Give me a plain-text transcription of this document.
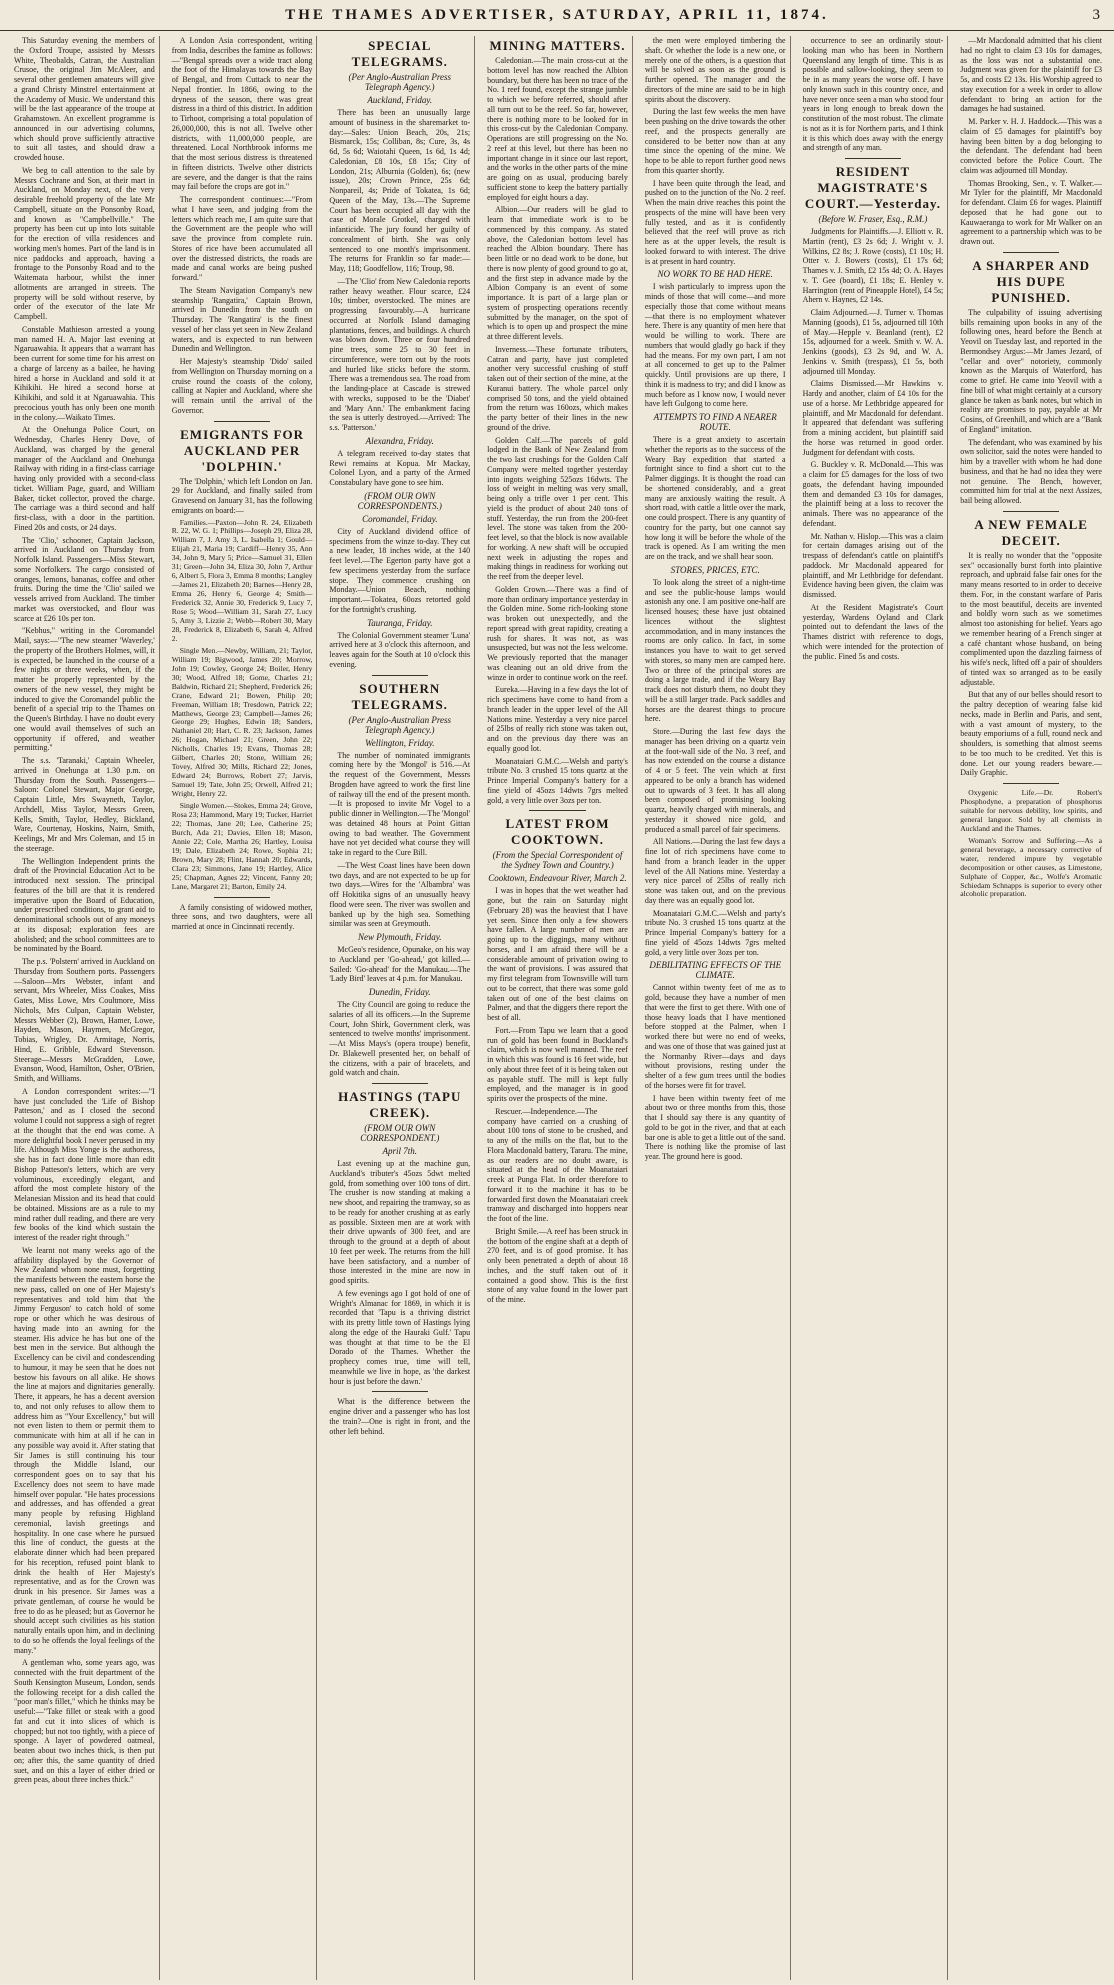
THE THAMES ADVERTISER, SATURDAY, APRIL 11, 1874.	3

This Saturday evening the members of the Oxford Troupe, assisted by Messrs White, Theobalds, Catran, the Australian Crusoe, the original Jim McAleer, and several other gentlemen amateurs will give a grand Christy Minstrel entertainment at the Academy of Music. We understand this will be the last appearance of the troupe at Grahamstown. An excellent programme is announced in our advertising columns, which should prove sufficiently attractive to suit all tastes, and should draw a crowded house.

We beg to call attention to the sale by Messrs Cochrane and Son, at their mart in Auckland, on Monday next, of the very desirable freehold property of the late Mr Campbell, situate on the Ponsonby Road, and known as "Campbellville." The property has been cut up into lots suitable for the erection of villa residences and working men's homes. Part of the land is in nice paddocks and approach, having a frontage to the Ponsonby Road and to the Waitemata harbour, whilst the inner allotments are arranged in streets. The property will be sold without reserve, by order of the executor of the late Mr Campbell.

Constable Mathieson arrested a young man named H. A. Major last evening at Ngaruawahia. It appears that a warrant has been current for some time for his arrest on a charge of larceny as a bailee, he having hired a horse in Auckland and sold it at Kihikihi. He hired a second horse at Kihikihi, and sold it at Ngaruawahia. This precocious youth has only been one month in the colony.—Waikato Times.

At the Onehunga Police Court, on Wednesday, Charles Henry Dove, of Auckland, was charged by the general manager of the Auckland and Onehunga Railway with riding in a first-class carriage having only provided with a second-class ticket. William Page, guard, and William Baker, ticket collector, proved the charge. The carriage was a third second and half first-class, with a door in the partition. Fined 20s and costs, or 24 days.

The 'Clio,' schooner, Captain Jackson, arrived in Auckland on Thursday from Norfolk Island. Passengers—Miss Stewart, some Norfolkers. The cargo consisted of oranges, lemons, bananas, coffee and other fruits. During the time the 'Clio' sailed we vessels arrived from Auckland. The timber market was overstocked, and flour was scarce at £26 10s per ton.

"Kebhus," writing in the Coromandel Mail, says:—"The new steamer 'Waverley,' the property of the Brothers Holmes, will, it is expected, be launched in the course of a few nights or three weeks, when, if the matter be properly represented by the owners of the new vessel, they might be induced to give the Coromandel public the benefit of a special trip to the Thames on the Queen's Birthday. I have no doubt every one would avail themselves of such an opportunity if offered, and weather permitting."

The s.s. 'Taranaki,' Captain Wheeler, arrived in Onehunga at 1.30 p.m. on Thursday from the South. Passengers—Saloon: Colonel Stewart, Major George, Captain Little, Mrs Swayneth, Taylor, Archdell, Miss Taylor, Messrs Green, Kells, Smith, Taylor, Hedley, Bickland, Ware, Courtenay, Hoskins, Nairn, Smith, Keelings, Mr and Mrs Coleman, and 15 in the steerage.

The Wellington Independent prints the draft of the Provincial Education Act to be introduced next session. The principal features of the bill are that it is rendered imperative upon the Board of Education, under prescribed conditions, to grant aid to denominational schools out of any moneys at its disposal; exploration fees are abolished; and the school committees are to be nominated by the Board.

The p.s. 'Polstern' arrived in Auckland on Thursday from Southern ports. Passengers—Saloon—Mrs Webster, infant and servant, Mrs Wheeler, Miss Coakes, Miss Gates, Miss Lowe, Mrs Coultmore, Miss Nichols, Mrs Culpan, Captain Webster, Messrs Webber (2), Brown, Hamer, Lowe, Hayden, Mason, Haymen, McGregor, Tobias, Wrigley, Dr. Armitage, Norris, Hind, E. Gribble, Edward Stevenson. Steerage—Messrs McGradden, Lowe, Evanson, Wood, Hamilton, Osher, O'Brien, Smith, and Williams.

A London correspondent writes:—"I have just concluded the 'Life of Bishop Patteson,' and as I closed the second volume I could not suppress a sigh of regret at the thought that the end was come. A more delightful book I never perused in my life. Although Miss Yonge is the authoress, she has in fact done little more than edit Bishop Patteson's letters, which are very voluminous, exceedingly elegant, and afford the most complete history of the Melanesian Mission and its head that could be obtained. Missions are as a rule to my mind rather dull reading, and there are very few books of the kind which sustain the interest of the reader right through."

We learnt not many weeks ago of the affability displayed by the Governor of New Zealand whom none must, forgetting the manifests between the eastern horse the new pass, called on one of Her Majesty's representatives and told him that 'the Jimmy Ferguson' to catch hold of some rope or other which he was desirous of having made into an awning for the steamer. His advice he has but one of the best men in the service. But although the Excellency can be civil and condescending to humour, it may be seen that he does not bestow his favours on all alike. He shows the line at majors and dignitaries generally. There, it appears, he has a decent aversion to, and not only refuses to allow them to address him as "Your Excellency," but will not even listen to them or permit them to communicate with him at all if he can in any possible way avoid it. After stating that Sir James is still continuing his tour through the Middle Island, our correspondent goes on to say that his Excellency does not seem to have made himself over popular. "He hates processions and addresses, and has offended a great many people by refusing Highland ceremonial, lavish greetings and hospitality. In one case where he pursued this line of conduct, the guests at the elaborate dinner which had been prepared for his reception, refused point blank to drink the health of Her Majesty's representative, and as for the Crown was drunk in his presence. Sir James was a private gentleman, of course he would be free to do as he pleased; but as Governor he should accept such civilities as his station naturally entails upon him, and in declining to do so he offends the loyal feelings of the many."

A gentleman who, some years ago, was connected with the fruit department of the South Kensington Museum, London, sends the following receipt for a dish called the "poor man's fillet," which he thinks may be useful:—"Take fillet or steak with a good fat and cut it into slices of which is chopped; but not too tightly, with a piece of sponge. A layer of powdered oatmeal, beaten about two inches thick, is then put on; after this, the same quantity of dried suet, and on this a layer of either dried or green peas, about three inches thick."

A London Asia correspondent, writing from India, describes the famine as follows:—"Bengal spreads over a wide tract along the foot of the Himalayas towards the Bay of Bengal, and from Cuttack to near the Nepal frontier. In 1866, owing to the dryness of the season, there was great distress in a third of this district. In addition to Tirhoot, comprising a total population of 26,000,000, this is not all. Twelve other districts, with 11,000,000 people, are threatened. Local Northbrook informs me that the most serious distress is threatened in fifteen districts. Twelve other districts are severe, and the danger is that the rains may fail before the crops are got in."

The correspondent continues:—"From what I have seen, and judging from the letters which reach me, I am quite sure that the Government are the people who will save the province from complete ruin. Stores of rice have been accumulated all over the distressed districts, the roads are made and canal works are being pushed forward."

The Steam Navigation Company's new steamship 'Rangatira,' Captain Brown, arrived in Dunedin from the south on Thursday. The 'Rangatira' is the finest vessel of her class yet seen in New Zealand waters, and is expected to run between Dunedin and Wellington.

Her Majesty's steamship 'Dido' sailed from Wellington on Thursday morning on a cruise round the coasts of the colony, calling at Napier and Auckland, where she will remain until the arrival of the Governor.

EMIGRANTS FOR AUCKLAND PER 'DOLPHIN.'

The 'Dolphin,' which left London on Jan. 29 for Auckland, and finally sailed from Gravesend on January 31, has the following emigrants on board:—

Families.—Paxton—John R. 24, Elizabeth R. 22, W. G. 1; Phillips—Joseph 29, Eliza 28, William 7, J. Amy 3, L. Isabella 1; Gould—Elijah 21, Maria 19; Cardiff—Henry 35, Ann 34, John 9, Mary 5; Price—Samuel 31, Ellen 31; Green—John 34, Eliza 30, John 7, Arthur 6, Albert 5, Flora 3, Emma 8 months; Langley—James 21, Elizabeth 20; Barnes—Henry 28, Emma 26, Henry 6, George 4; Smith—Frederick 32, Annie 30, Frederick 9, Lucy 7, Rose 5; Wood—William 31, Sarah 27, Lucy 5, Amy 3, Lizzie 2; Webb—Robert 30, Mary 28, Frederick 8, Elizabeth 6, Sarah 4, Alfred 2.

Single Men.—Newby, William, 21; Taylor, William 19; Bigwood, James 20; Morrow, John 19; Cowley, George 24; Boiler, Henry 30; Wood, Alfred 18; Gome, Charles 21; Baldwin, Richard 21; Shepherd, Frederick 26; Crane, Edward 21; Bowen, Philip 20; Freeman, William 18; Tresdown, Patrick 22; Matthews, George 23; Campbell—James 26; George 29; Hughes, Edwin 18; Sanders, Nathaniel 20; Hart, C. R. 23; Jackson, James 26; Hogan, Michael 21; Green, John 22; Nicholls, Charles 19; Evans, Thomas 28; Gilbert, Charles 20; Stone, William 26; Tovey, Alfred 30; Mills, Richard 22; Jones, Edward 24; Burrows, Robert 27; Jarvis, Samuel 19; Tate, John 25; Orwell, Alfred 21; Wright, Henry 22.

Single Women.—Stokes, Emma 24; Grove, Rosa 23; Hammond, Mary 19; Tucker, Harriet 22; Thomas, Jane 20; Lee, Catherine 25; Burch, Ada 21; Davies, Ellen 18; Mason, Annie 22; Cole, Martha 26; Hartley, Louisa 19; Dale, Elizabeth 24; Rowe, Sophia 21; Brown, Mary 28; Flint, Hannah 20; Edwards, Clara 23; Simmons, Jane 19; Hartley, Alice 25; Chapman, Agnes 22; Vincent, Fanny 20; Lane, Margaret 21; Barton, Emily 24.

A family consisting of widowed mother, three sons, and two daughters, were all married at once in Cincinnati recently.

SPECIAL TELEGRAMS.
(Per Anglo-Australian Press Telegraph Agency.)
Auckland, Friday.

There has been an unusually large amount of business in the sharemarket to-day:—Sales: Union Beach, 20s, 21s; Bismarck, 15s; Colliban, 8s; Cure, 3s, 4s 6d, 5s 6d; Waiotahi Queen, 1s 6d, 1s 4d; Caledonian, £8 10s, £8 15s; City of London, 21s; Alburnia (Golden), 6s; (new issue), 20s; Crown Prince, 25s 6d; Nonpareil, 4s; Pride of Tokatea, 1s 6d; Queen of the May, 13s.—The Supreme Court has been occupied all day with the case of Morale Grotkel, charged with infanticide. The jury found her guilty of concealment of birth. She was only sentenced to one month's imprisonment. The returns for Franklin so far made:—May, 118; Goodfellow, 116; Troup, 98.

—The 'Clio' from New Caledonia reports rather heavy weather. Flour scarce, £24 10s; timber, overstocked. The mines are progressing favourably.—A hurricane occurred at Norfolk Island damaging plantations, fences, and buildings. A church was blown down. Three or four hundred pine trees, some 25 to 30 feet in circumference, were torn out by the roots and hurled like sticks before the storm. There was a tremendous sea. The road from the landing-place at Cascade is strewed with wrecks, supposed to be the 'Diabet' and 'Mary Ann.' The embankment facing the sea is utterly destroyed.—Arrived: The s.s. 'Patterson.'

Alexandra, Friday.

A telegram received to-day states that Rewi remains at Kopua. Mr Mackay, Colonel Lyon, and a party of the Armed Constabulary have gone to see him.

(FROM OUR OWN CORRESPONDENTS.)
Coromandel, Friday.

City of Auckland dividend office of specimens from the winze to-day. They cut a new leader, 18 inches wide, at the 140 feet level.—The Egerton party have got a few specimens yesterday from the surface stope. They commence crushing on Monday.—Union Beach, nothing important.—Tokatea, 60ozs retorted gold for the fortnight's crushing.

Tauranga, Friday.

The Colonial Government steamer 'Luna' arrived here at 3 o'clock this afternoon, and leaves again for the South at 10 o'clock this evening.

SOUTHERN TELEGRAMS.
(Per Anglo-Australian Press Telegraph Agency.)
Wellington, Friday.

The number of nominated immigrants coming here by the 'Mongol' is 516.—At the request of the Government, Messrs Brogden have agreed to work the first line of railway till the end of the present month.—It is proposed to invite Mr Vogel to a public dinner in Wellington.—The 'Mongol' was detained 48 hours at Point Gittan owing to bad weather. The Government have not yet decided what course they will take in regard to the Cure Bill.

—The West Coast lines have been down two days, and are not expected to be up for two days.—Wires for the 'Albambra' was off Hokitika signs of an unusually heavy flood were seen. The river was swollen and banked up by the high sea. Something similar was seen at Greymouth.

New Plymouth, Friday.

McGeo's residence, Opunake, on his way to Auckland per 'Go-ahead,' got killed.—Sailed: 'Go-ahead' for the Manukau.—The 'Lady Bird' leaves at 4 p.m. for Manukau.

Dunedin, Friday.

The City Council are going to reduce the salaries of all its officers.—In the Supreme Court, John Shirk, Government clerk, was sentenced to twelve months' imprisonment.—At Miss Mays's (opera troupe) benefit, Dr. Blakewell presented her, on behalf of the citizens, with a pair of bracelets, and gold watch and chain.

HASTINGS (TAPU CREEK).
(FROM OUR OWN CORRESPONDENT.)
April 7th.

Last evening up at the machine gun, Auckland's tributer's 45ozs 5dwt melted gold, from something over 100 tons of dirt. The crusher is now standing at making a new shoot, and repairing the tramway, so as to be ready for another crushing at as early as possible. Sixteen men are at work with their drive upwards of 300 feet, and are through to the ground at a depth of about 10 feet per week. The returns from the hill have been satisfactory, and a number of those interested in the mine are now in good spirits.

A few evenings ago I got hold of one of Wright's Almanac for 1869, in which it is recorded that 'Tapu is a thriving district with its pretty little town of Hastings lying along the edge of the Hauraki Gulf.' Tapu was thought at that time to be the El Dorado of the Thames. Whether the prophecy comes true, time will tell, meanwhile we live in hope, as 'the darkest hour is just before the dawn.'

What is the difference between the engine driver and a passenger who has lost the train?—One is right in front, and the other left behind.

MINING MATTERS.

Caledonian.—The main cross-cut at the bottom level has now reached the Albion boundary, but there has been no trace of the No. 1 reef found, except the strange jumble to which we before referred, should after all turn out to be the reef. So far, however, there is nothing more to be looked for in this cross-cut by the Caledonian Company. Operations are still progressing on the No. 2 reef at this level, but there has been no important change in it since our last report, and the works in the other parts of the mine are going on as usual, producing barely sufficient stone to keep the battery partially employed for eight hours a day.

Albion.—Our readers will be glad to learn that immediate work is to be commenced by this company. As stated above, the Caledonian bottom level has reached the Albion boundary. There has been little or no dead work to be done, but there is now plenty of good ground to go at, and the first step in advance made by the Albion Company is an event of some importance. It is part of a large plan or system of prospecting operations recently submitted by the manager, on the spot of which is to open up and prospect the mine at three different levels.

Inverness.—These fortunate tributers, Catran and party, have just completed another very successful crushing of stuff taken out of their section of the mine, at the Kuranui battery. The whole parcel only comprised 50 tons, and the yield obtained from the return was 160ozs, which makes the party better of their lines in the new ground of the drive.

Golden Calf.—The parcels of gold lodged in the Bank of New Zealand from the two last crushings for the Golden Calf Company were melted together yesterday into ingots weighing 525ozs 16dwts. The loss of weight in melting was very small, being only a trifle over 1 per cent. This yield is the product of about 240 tons of stuff. Yesterday, the run from the 200-feet level. The stone was taken from the 200-feet level, so that the block is now available for working. A new shaft will be occupied next week in adjusting the ropes and making things in readiness for working out the reef from the deeper level.

Golden Crown.—There was a find of more than ordinary importance yesterday in the Golden mine. Some rich-looking stone was broken out unexpectedly, and the report spread with great rapidity, creating a rush for shares. It was not, as was unsuspected, but was not the less welcome. We previously reported that the manager was cleaning out an old drive from the winze in order to continue work on the reef.

Eureka.—Having in a few days the lot of rich specimens have come to hand from a branch leader in the upper level of the All Nations mine. Yesterday a very nice parcel of 25lbs of really rich stone was taken out, and on the previous day there was an equally good lot.

Moanataiari G.M.C.—Welsh and party's tribute No. 3 crushed 15 tons quartz at the Prince Imperial Company's battery for a fine yield of 45ozs 14dwts 7grs melted gold, a very little over 3ozs per ton.

LATEST FROM COOKTOWN.
(From the Special Correspondent of the Sydney Town and Country.)
Cooktown, Endeavour River, March 2.

I was in hopes that the wet weather had gone, but the rain on Saturday night (February 28) was the heaviest that I have yet seen. Since then only a few showers have fallen. A large number of men are going up to the diggings, many without horses, and I am afraid there will be a considerable amount of privation owing to the want of provisions. I was assured that my first telegram from Townsville will turn out to be correct, that there was some gold taken out of one of the best claims on Palmer, and that the diggers there report the best of all.

Fort.—From Tapu we learn that a good run of gold has been found in Buckland's claim, which is now well manned. The reef in which this was found is 16 feet wide, but only about three feet of it is being taken out as payable stuff. The mill is kept fully employed, and the manager is in good spirits over the prospects of the mine.

Rescuer.—Independence.—The company have carried on a crushing of about 100 tons of stone to be crushed, and to any of the mills on the flat, but to the Flora Macdonald battery, Tararu. The mine, as our readers are no doubt aware, is situated at the head of the Moanataiari creek at Punga Flat. In order therefore to forward it to the machine it has to be forwarded first down the Moanataiari creek tramway and discharged into hoppers near the foot of the line.

Bright Smile.—A reef has been struck in the bottom of the engine shaft at a depth of 270 feet, and is of good promise. It has only been penetrated a depth of about 18 inches, and the stuff taken out of it contained a good show. This is the first stone of any value found in the lower part of the mine.

the men were employed timbering the shaft. Or whether the lode is a new one, or merely one of the others, is a question that will be solved as soon as the ground is further opened. The manager and the directors of the mine are said to be in high spirits about the discovery.

During the last few weeks the men have been pushing on the drive towards the other reef, and the prospects generally are considered to be better now than at any time since the opening of the mine. We hope to be able to report further good news from this quarter shortly.

I have been quite through the lead, and pushed on to the junction of the No. 2 reef. When the main drive reaches this point the prospects of the mine will have been very fully tested, and as it is confidently believed that the reef will prove as rich here as at the upper levels, the result is looked forward to with interest. The drive is at present in hard country.

NO WORK TO BE HAD HERE.

I wish particularly to impress upon the minds of those that will come—and more especially those that come without means—that there is no employment whatever here. There is any quantity of men here that would be willing to work. There are numbers that would gladly go back if they had the means. For my own part, I am not at all concerned to get up to the Palmer quickly. Until provisions are up there, I think it is madness to try; and did I know as much before as I know now, I would never have left Gulgong to come here.

ATTEMPTS TO FIND A NEARER ROUTE.

There is a great anxiety to ascertain whether the reports as to the success of the Weary Bay expedition that started a fortnight since to find a short cut to the Palmer diggings. It is thought the road can be shortened considerably, and a great many are anxiously waiting the result. A short road, with cattle a little over the mark, one could prospect. There is any quantity of country for the party, but one cannot say how long it will be before the whole of the track is opened. As I am writing the men are on the track, and we shall hear soon.

STORES, PRICES, ETC.

To look along the street of a night-time and see the public-house lamps would astonish any one. I am positive one-half are licensed houses; these have just obtained licences without the slightest accommodation, and in many instances the rooms are only calico. In fact, in some instances you have to wait to get served with stores, so many men are camped here. Two or three of the principal stores are doing a large trade, and if the Weary Bay track does not disturb them, no doubt they will be a still larger trade. Pack saddles and horses are the dearest things to procure here.

Store.—During the last few days the manager has been driving on a quartz vein at the foot-wall side of the No. 3 reef, and has now extended on the course a distance of 4 or 5 feet. The vein which at first appeared to be only a branch has widened out to upwards of 3 feet. It has all along been composed of promising looking quartz, heavily charged with minerals, and yesterday it showed nice gold, and produced a small parcel of fair specimens.

All Nations.—During the last few days a fine lot of rich specimens have come to hand from a branch leader in the upper level of the All Nations mine. Yesterday a very nice parcel of 25lbs of really rich stone was taken out, and on the previous day there was an equally good lot.

Moanataiari G.M.C.—Welsh and party's tribute No. 3 crushed 15 tons quartz at the Prince Imperial Company's battery for a fine yield of 45ozs 14dwts 7grs melted gold, a very little over 3ozs per ton.

DEBILITATING EFFECTS OF THE CLIMATE.

Cannot within twenty feet of me as to gold, because they have a number of men that were the first to get there. With one of those heavy loads that I have mentioned before stopped at the Palmer, when I worked there but were no end of weeks, and was one of those that was gained just at the Normanby River—days and days without provisions, resting under the shelter of a few gum trees until the bodies of the horses were fit for travel.

I have been within twenty feet of me about two or three months from this, those that I should say there is any quantity of gold to be got in the river, and that at each bar one is able to get a little out of the sand. There is nothing like the promise of last year. The ground here is good.

occurrence to see an ordinarily stout-looking man who has been in Northern Queensland any length of time. This is as possible and sallow-looking, they seem to be in as many years the worse off. I have only known such in this country once, and have never once seen a man who stood four years in long enough to break down the constitution of the most robust. The climate is not as it is for Northern parts, and I think it is this which does away with the energy and strength of any man.

RESIDENT MAGISTRATE'S COURT.—Yesterday.
(Before W. Fraser, Esq., R.M.)

Judgments for Plaintiffs.—J. Elliott v. R. Martin (rent), £3 2s 6d; J. Wright v. J. Wilkins, £2 8s; J. Rowe (costs), £1 10s; H. Otter v. J. Bowers (costs), £1 17s 6d; Thames v. J. Smith, £2 15s 4d; O. A. Hayes v. T. Gee (board), £1 18s; E. Henley v. Harrington (rent of Pineapple Hotel), £4 5s; Ahern v. Haynes, £2 14s.

Claim Adjourned.—J. Turner v. Thomas Manning (goods), £1 5s, adjourned till 10th of May.—Hepple v. Beanland (rent), £2 15s, adjourned for a week. Smith v. W. A. Jenkins (goods), £3 2s 9d, and W. A. Jenkins v. Smith (trespass), £1 5s, both adjourned till Monday.

Claims Dismissed.—Mr Hawkins v. Hardy and another, claim of £4 10s for the use of a horse. Mr Lethbridge appeared for plaintiff, and Mr Macdonald for defendant. It appeared that defendant was suffering from a mining accident, but plaintiff said the horse was returned in good order. Judgment for defendant with costs.

G. Buckley v. R. McDonald.—This was a claim for £5 damages for the loss of two goats, the defendant having impounded them and demanded £3 10s for damages, the plaintiff being at a loss to recover the animals. There was no appearance of the defendant.

Mr. Nathan v. Hislop.—This was a claim for certain damages arising out of the trespass of defendant's cattle on plaintiff's paddock. Mr Macdonald appeared for plaintiff, and Mr Lethbridge for defendant. Evidence having been given, the claim was dismissed.

At the Resident Magistrate's Court yesterday, Wardens Oyland and Clark pointed out to defendant the laws of the Thames district with reference to dogs, which were intended for the protection of the public. Fined 5s and costs.

—Mr Macdonald admitted that his client had no right to claim £3 10s for damages, as the loss was not a substantial one. Judgment was given for the plaintiff for £3 5s, and costs £2 13s. His Worship agreed to stay execution for a week in order to allow defendant to bring an action for the damages he had sustained.

M. Parker v. H. J. Haddock.—This was a claim of £5 damages for plaintiff's boy having been bitten by a dog belonging to the defendant. The defendant had been convicted before the Police Court. The claim was adjourned till Monday.

Thomas Brooking, Sen., v. T. Walker.—Mr Tyler for the plaintiff, Mr Macdonald for defendant. Claim £6 for wages. Plaintiff deposed that he had gone out to Kauwaeranga to work for Mr Walker on an agreement to a partnership which was to be drawn out.

A SHARPER AND HIS DUPE PUNISHED.

The culpability of issuing advertising bills remaining upon books in any of the following ones, heard before the Bench at Yeovil on Tuesday last, and reported in the Bermondsey Argus:—Mr James Jezard, of "cellar and over" notoriety, commonly known as the Marquis of Waterford, has come to grief. He came into Yeovil with a fine bill of what might certainly at a cursory glance be taken as bank notes, but which in reality are promises to pay, payable at Mr Cosins, of Greenhill, and which are a "Bank of England" imitation.

The defendant, who was examined by his own solicitor, said the notes were handed to him by a traveller with whom he had done business, and that he had no idea they were not genuine. The Bench, however, committed him for trial at the next Assizes, bail being allowed.

A NEW FEMALE DECEIT.

It is really no wonder that the "opposite sex" occasionally burst forth into plaintive reproach, and upbraid false fair ones for the many means resorted to in order to deceive them. For, in the constant warfare of Paris to the most beautiful, deceits are invented and boldly worn such as we sometimes almost too astonishing for belief. Years ago we remember hearing of a French singer at a café chantant whose husband, on being complimented upon the dazzling fairness of his wife's neck, lifted off a pair of shoulders of tinted wax so arranged as to be easily adjustable.

But that any of our belles should resort to the paltry deception of wearing false kid necks, made in Berlin and Paris, and sent, with a vast amount of mystery, to the beauty emporiums of a full, round neck and shoulders, is something that almost seems to be too much to be credited. Yet this is done. Let our young readers beware.—Daily Graphic.

Oxygenic Life.—Dr. Robert's Phosphodyne, a preparation of phosphorus suitable for nervous debility, low spirits, and general languor. Sold by all chemists in Auckland and the Thames.

Woman's Sorrow and Suffering.—As a general beverage, a necessary corrective of water, rendered impure by vegetable decomposition or other causes, as Limestone, Sulphate of Copper, &c., Wolfe's Aromatic Schiedam Schnapps is superior to every other alcoholic preparation.
